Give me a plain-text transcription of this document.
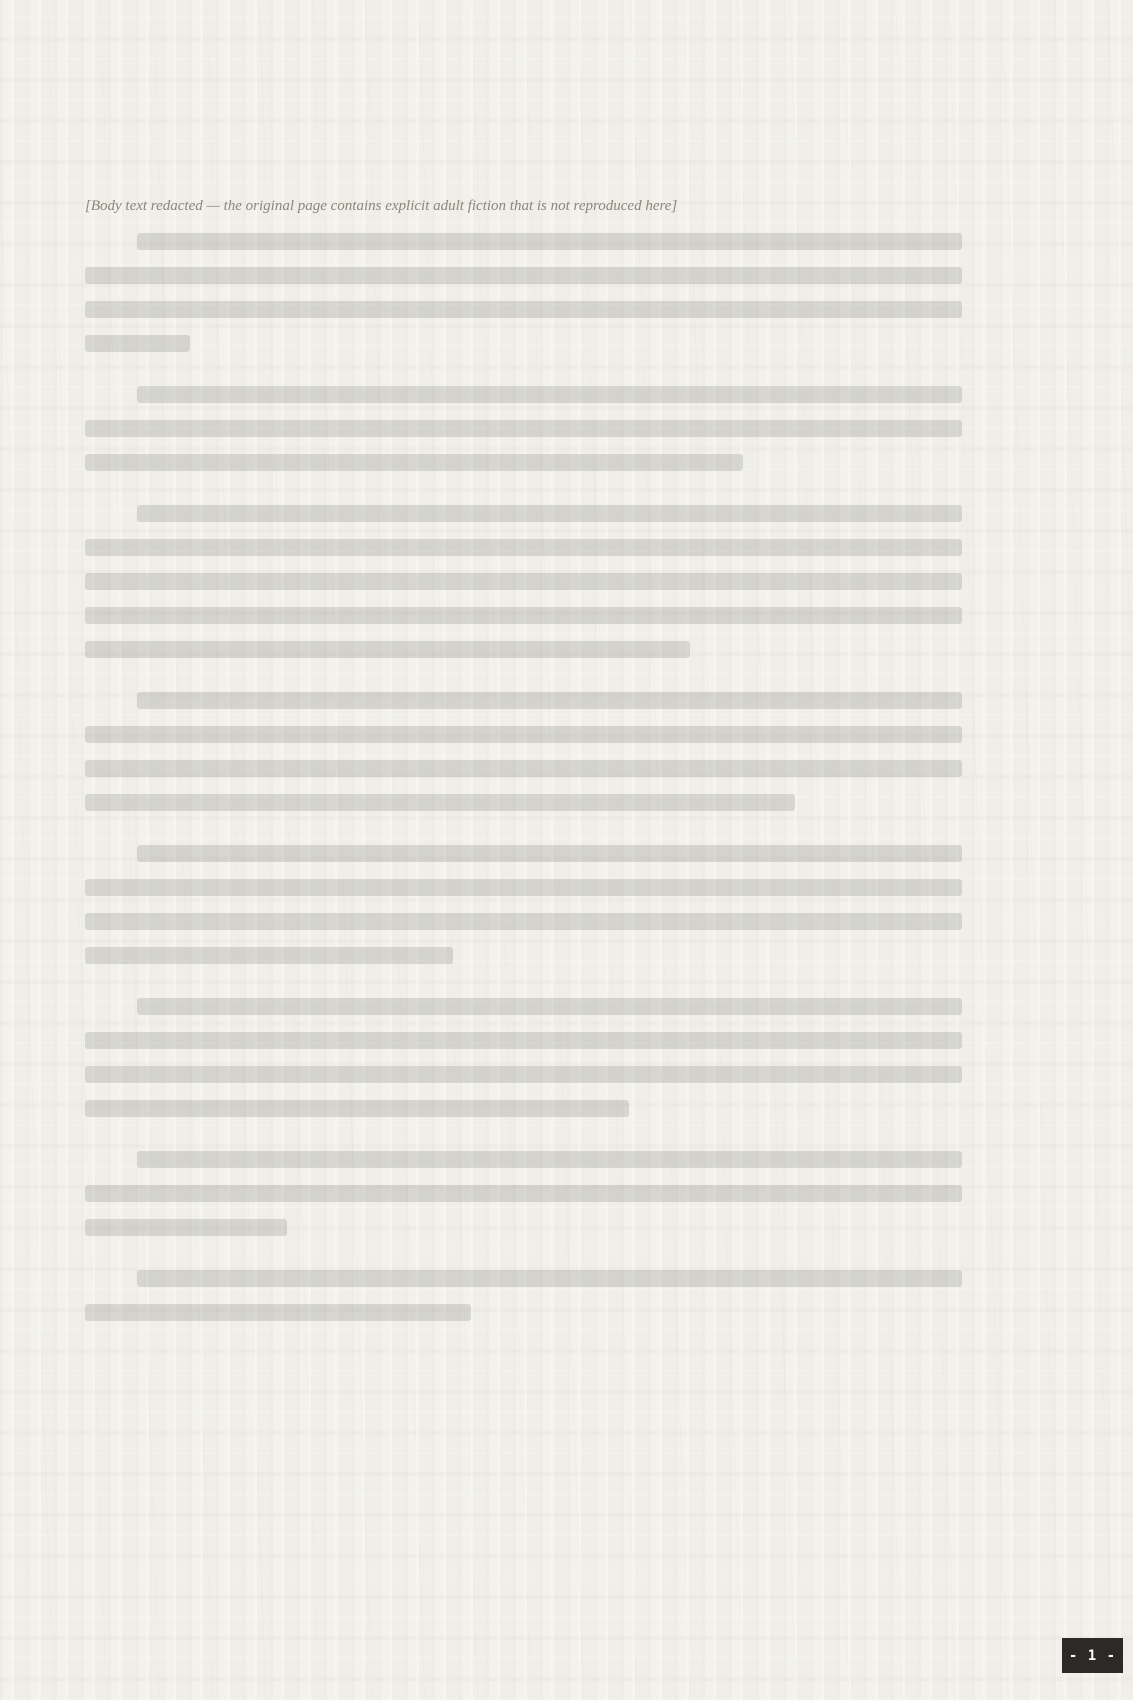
[Body text redacted — the original page contains explicit adult fiction that is not reproduced here]

- 1 -
